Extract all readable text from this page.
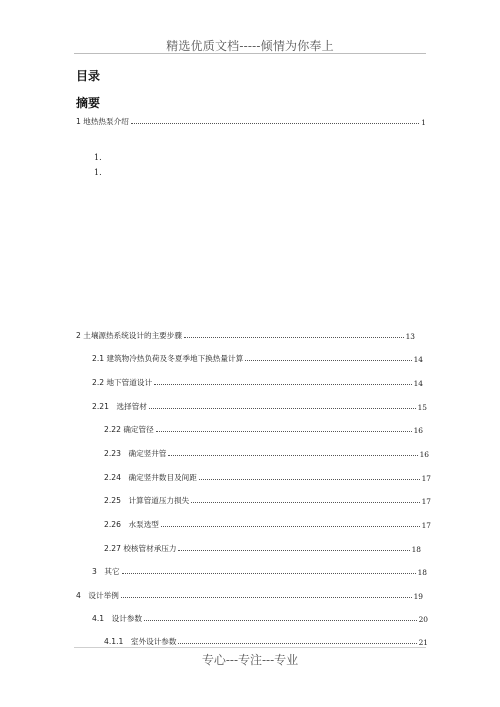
精选优质文档-----倾情为你奉上
目录
摘要
1 地热热泵介绍	1
1.
1.
2 土壤源热系统设计的主要步骤	13
2.1 建筑物冷热负荷及冬夏季地下换热量计算	14
2.2 地下管道设计	14
2.21　选择管材	15
2.22 确定管径	16
2.23　确定竖井管	16
2.24　确定竖井数目及间距	17
2.25　计算管道压力损失	17
2.26　水泵选型	17
2.27 校核管材承压力	18
3　其它	18
4　设计举例	19
4.1　设计参数	20
4.1.1　室外设计参数	21
专心---专注---专业
